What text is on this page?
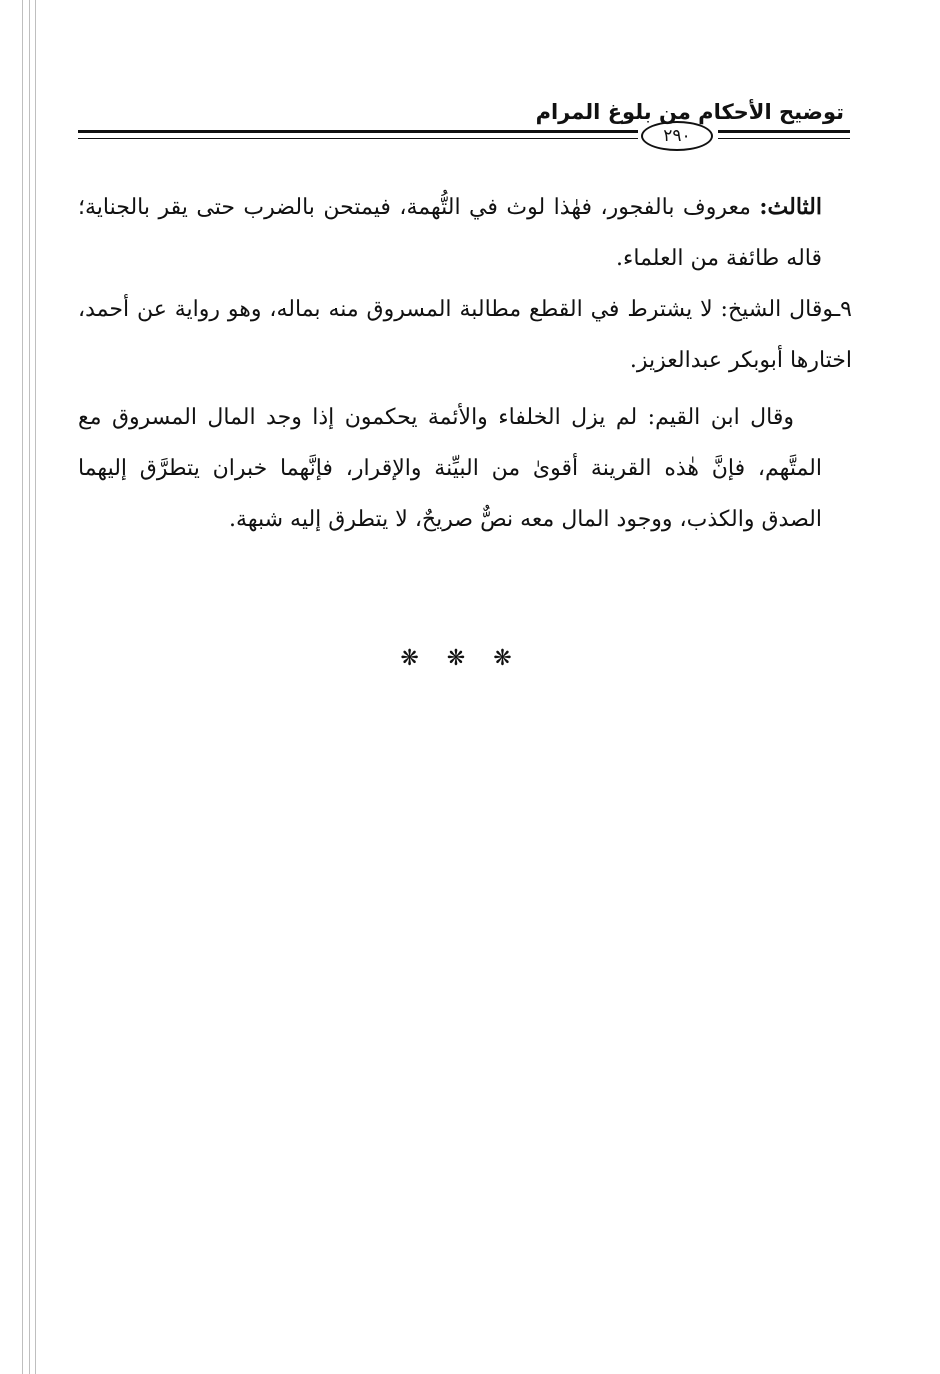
توضيح الأحكام من بلوغ المرام
٢٩٠

الثالث: معروف بالفجور، فهٰذا لوث في التُّهمة، فيمتحن بالضرب حتى يقر بالجناية؛ قاله طائفة من العلماء.

٩ـوقال الشيخ: لا يشترط في القطع مطالبة المسروق منه بماله، وهو رواية عن أحمد، اختارها أبوبكر عبدالعزيز.

وقال ابن القيم: لم يزل الخلفاء والأئمة يحكمون إذا وجد المال المسروق مع المتَّهم، فإنَّ هٰذه القرينة أقوىٰ من البيِّنة والإقرار، فإنَّهما خبران يتطرَّق إليهما الصدق والكذب، ووجود المال معه نصٌّ صريحٌ، لا يتطرق إليه شبهة.

❋❋❋
